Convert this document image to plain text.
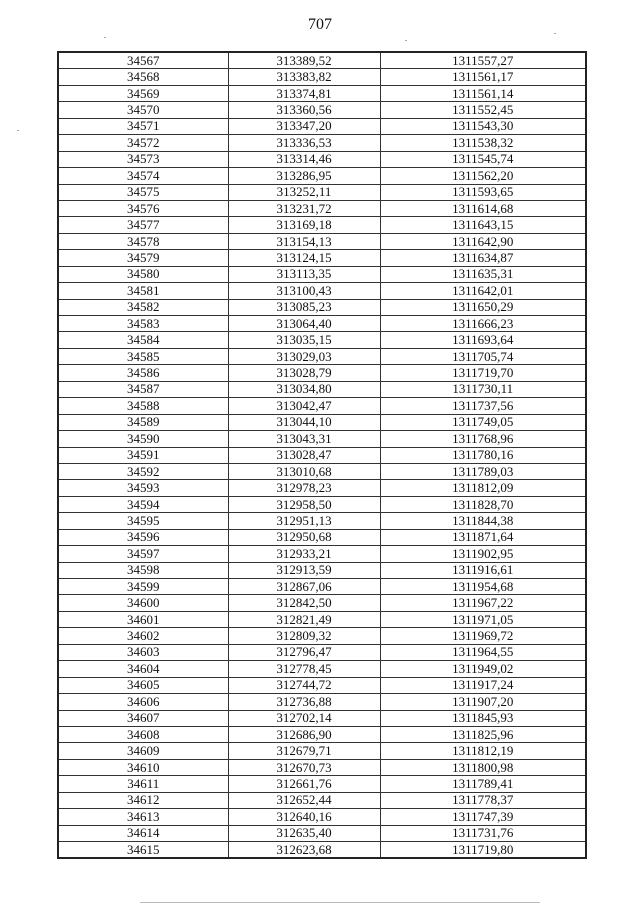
707
34567	313389,52	1311557,27
34568	313383,82	1311561,17
34569	313374,81	1311561,14
34570	313360,56	1311552,45
34571	313347,20	1311543,30
34572	313336,53	1311538,32
34573	313314,46	1311545,74
34574	313286,95	1311562,20
34575	313252,11	1311593,65
34576	313231,72	1311614,68
34577	313169,18	1311643,15
34578	313154,13	1311642,90
34579	313124,15	1311634,87
34580	313113,35	1311635,31
34581	313100,43	1311642,01
34582	313085,23	1311650,29
34583	313064,40	1311666,23
34584	313035,15	1311693,64
34585	313029,03	1311705,74
34586	313028,79	1311719,70
34587	313034,80	1311730,11
34588	313042,47	1311737,56
34589	313044,10	1311749,05
34590	313043,31	1311768,96
34591	313028,47	1311780,16
34592	313010,68	1311789,03
34593	312978,23	1311812,09
34594	312958,50	1311828,70
34595	312951,13	1311844,38
34596	312950,68	1311871,64
34597	312933,21	1311902,95
34598	312913,59	1311916,61
34599	312867,06	1311954,68
34600	312842,50	1311967,22
34601	312821,49	1311971,05
34602	312809,32	1311969,72
34603	312796,47	1311964,55
34604	312778,45	1311949,02
34605	312744,72	1311917,24
34606	312736,88	1311907,20
34607	312702,14	1311845,93
34608	312686,90	1311825,96
34609	312679,71	1311812,19
34610	312670,73	1311800,98
34611	312661,76	1311789,41
34612	312652,44	1311778,37
34613	312640,16	1311747,39
34614	312635,40	1311731,76
34615	312623,68	1311719,80
